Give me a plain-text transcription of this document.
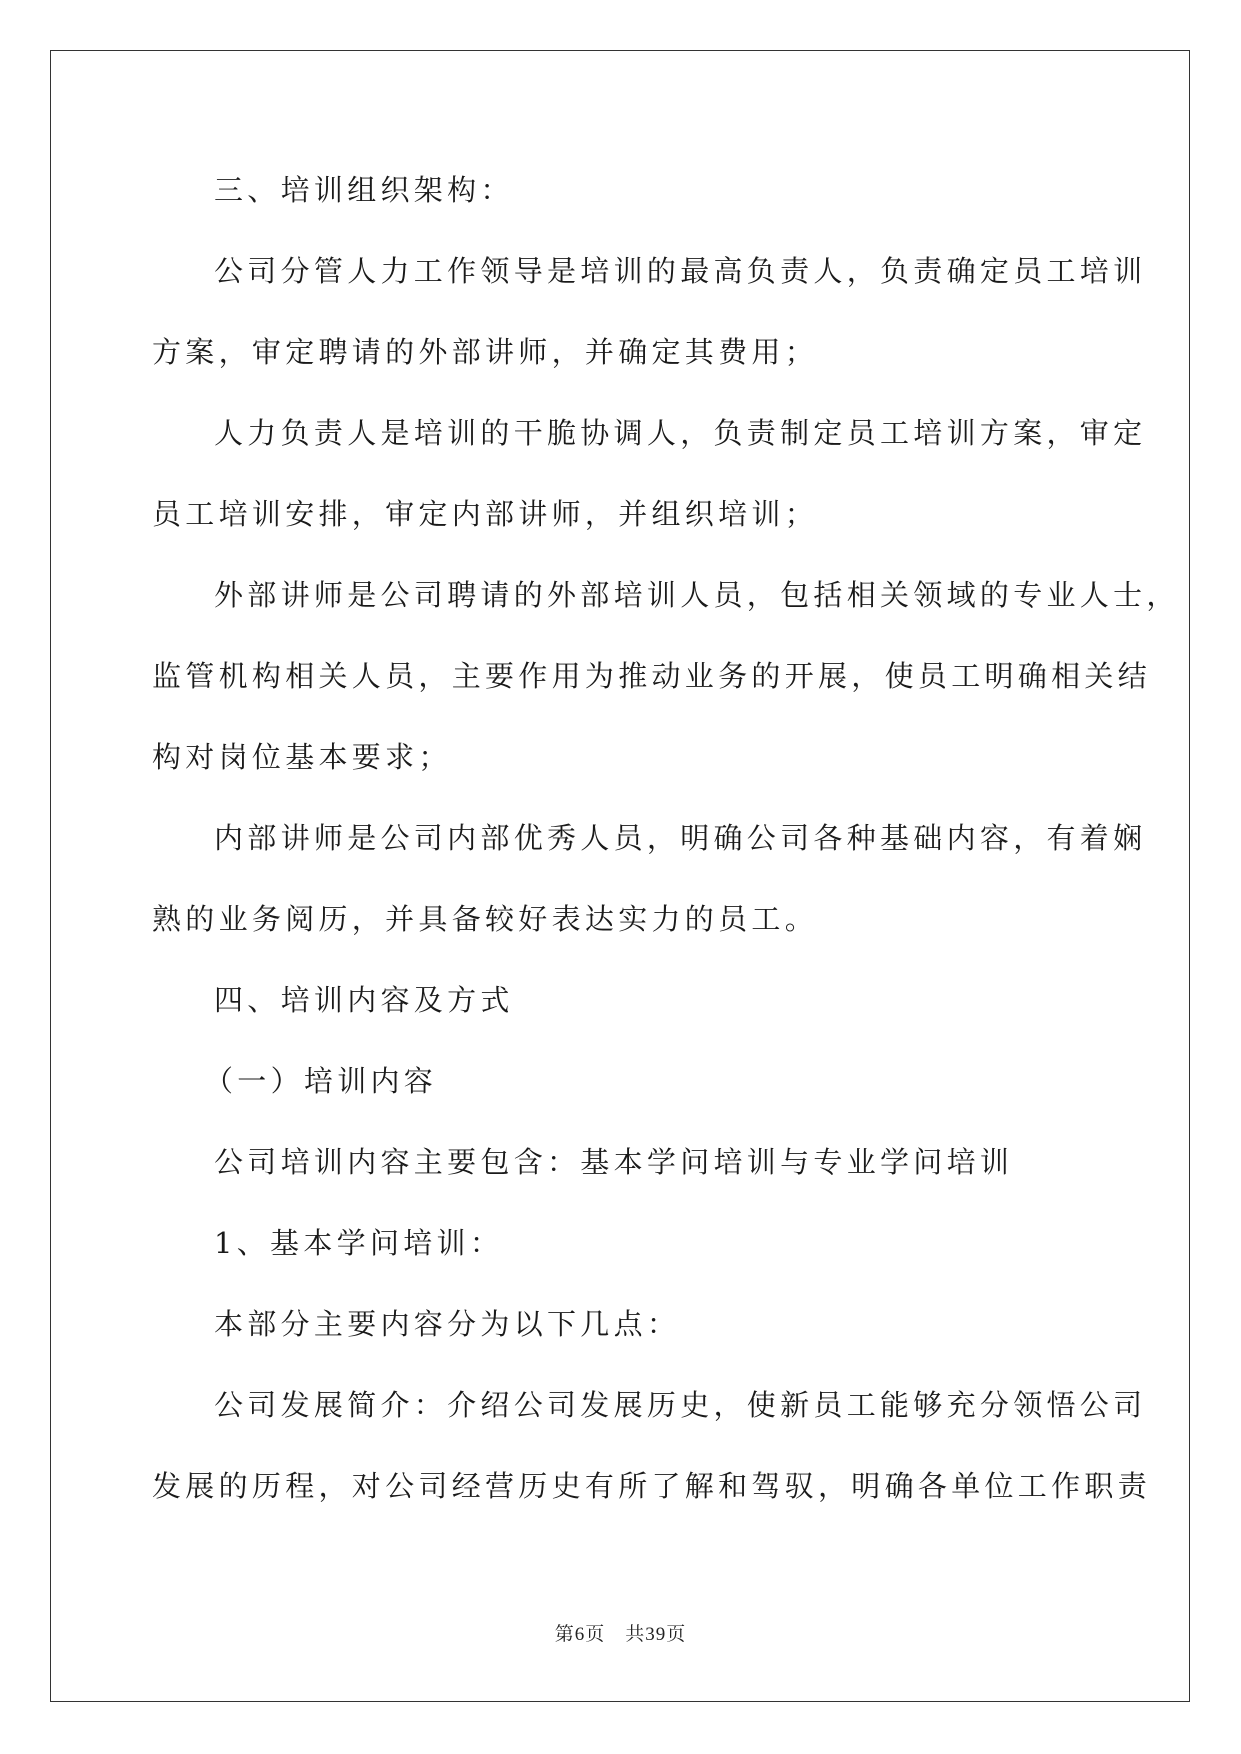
三、培训组织架构：
公司分管人力工作领导是培训的最高负责人，负责确定员工培训
方案，审定聘请的外部讲师，并确定其费用；
人力负责人是培训的干脆协调人，负责制定员工培训方案，审定
员工培训安排，审定内部讲师，并组织培训；
外部讲师是公司聘请的外部培训人员，包括相关领域的专业人士，
监管机构相关人员，主要作用为推动业务的开展，使员工明确相关结
构对岗位基本要求；
内部讲师是公司内部优秀人员，明确公司各种基础内容，有着娴
熟的业务阅历，并具备较好表达实力的员工。
四、培训内容及方式
（一）培训内容
公司培训内容主要包含：基本学问培训与专业学问培训
1、基本学问培训：
本部分主要内容分为以下几点：
公司发展简介：介绍公司发展历史，使新员工能够充分领悟公司
发展的历程，对公司经营历史有所了解和驾驭，明确各单位工作职责
第6页　共39页
